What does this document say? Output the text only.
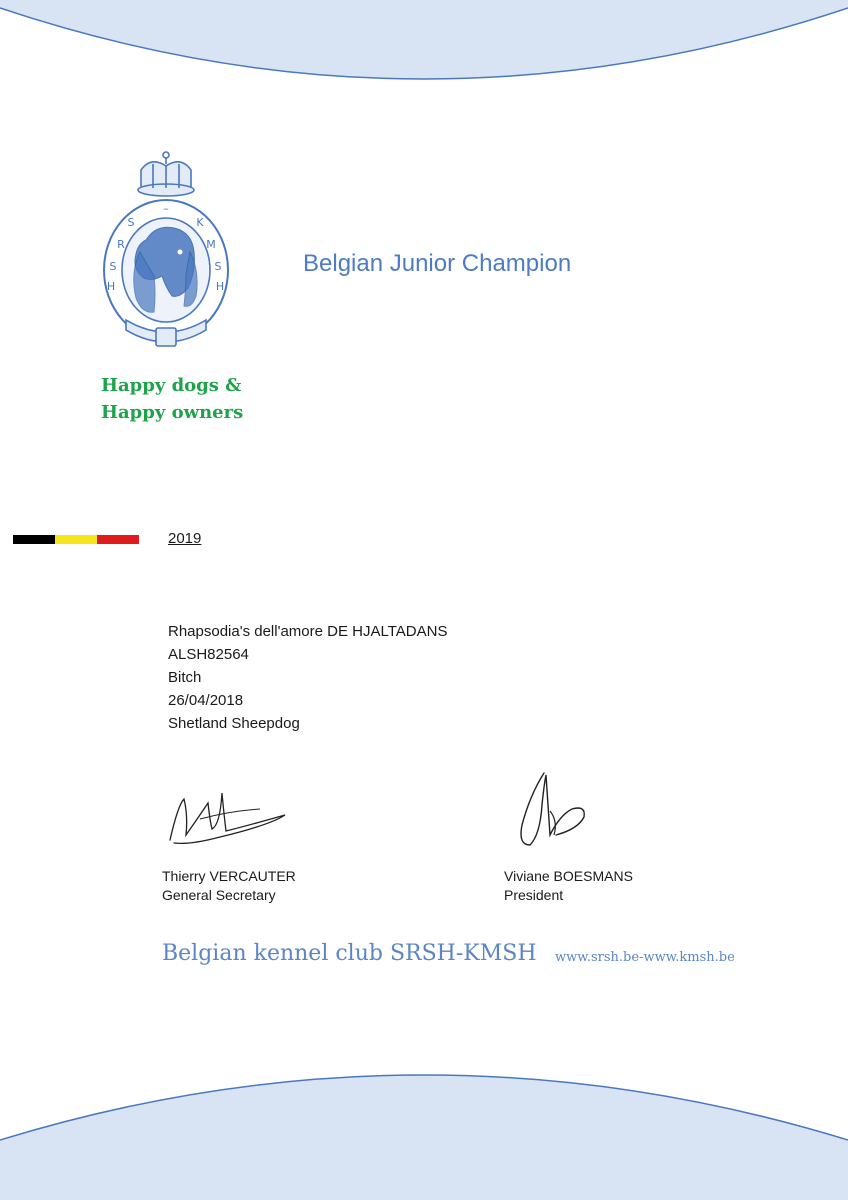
S
R
S
H
–
K
M
S
H
Happy dogs &
Happy owners
Belgian Junior Champion
2019
Rhapsodia's dell'amore DE HJALTADANS
ALSH82564
Bitch
26/04/2018
Shetland Sheepdog
Thierry VERCAUTER
General Secretary
Viviane BOESMANS
President
Belgian kennel club SRSH-KMSH www.srsh.be-www.kmsh.be
